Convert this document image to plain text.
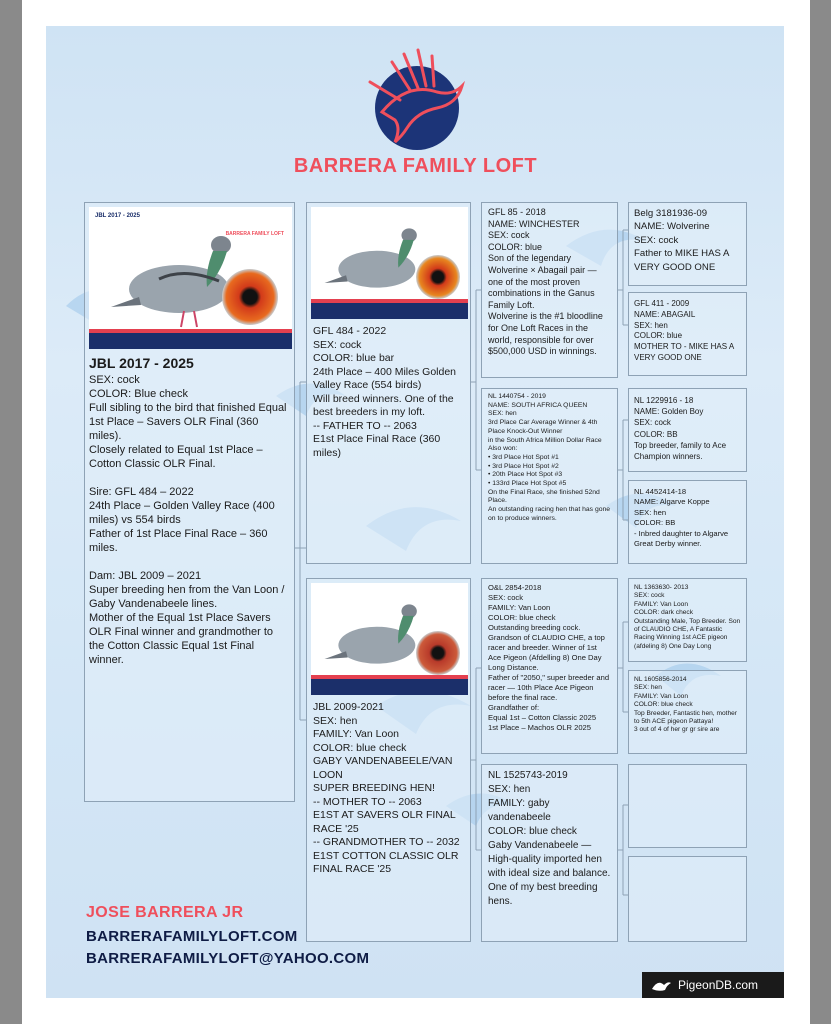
BARRERA FAMILY LOFT
JBL 2017 - 2025
BARRERA FAMILY LOFT
JBL 2017 - 2025
SEX: cock
COLOR: Blue check
Full sibling to the bird that finished Equal 1st Place – Savers OLR Final (360 miles).
Closely related to Equal 1st Place – Cotton Classic OLR Final.

Sire: GFL 484 – 2022
24th Place – Golden Valley Race (400 miles) vs 554 birds
Father of 1st Place Final Race – 360 miles.

Dam: JBL 2009 – 2021
Super breeding hen from the Van Loon / Gaby Vandenabeele lines.
Mother of the Equal 1st Place Savers OLR Final winner and grandmother to the Cotton Classic Equal 1st Final winner.
GFL 484 - 2022
SEX: cock
COLOR: blue bar
24th Place – 400 Miles Golden Valley Race (554 birds)
Will breed winners. One of the best breeders in my loft.
-- FATHER TO -- 2063
E1st Place Final Race (360 miles)
JBL 2009-2021
SEX: hen
FAMILY: Van Loon
COLOR: blue check
GABY VANDENABEELE/VAN LOON
SUPER BREEDING HEN!
-- MOTHER TO -- 2063
E1ST AT SAVERS OLR FINAL RACE '25
-- GRANDMOTHER TO -- 2032
E1ST COTTON CLASSIC OLR FINAL RACE '25
GFL 85 - 2018
NAME: WINCHESTER
SEX: cock
COLOR: blue
Son of the legendary Wolverine × Abagail pair — one of the most proven combinations in the Ganus Family Loft.
Wolverine is the #1 bloodline for One Loft Races in the world, responsible for over $500,000 USD in winnings.
NL 1440754 - 2019
NAME: SOUTH AFRICA QUEEN
SEX: hen
3rd Place Car Average Winner & 4th Place Knock-Out Winner
in the South Africa Million Dollar Race
Also won:
• 3rd Place Hot Spot #1
• 3rd Place Hot Spot #2
• 20th Place Hot Spot #3
• 133rd Place Hot Spot #5
On the Final Race, she finished 52nd Place.
An outstanding racing hen that has gone on to produce winners.
O&L 2854-2018
SEX: cock
FAMILY: Van Loon
COLOR: blue check
Outstanding breeding cock.
Grandson of CLAUDIO CHE, a top racer and breeder. Winner of 1st Ace Pigeon (Afdelling 8) One Day Long Distance.
Father of "2050," super breeder and racer — 10th Place Ace Pigeon before the final race.
Grandfather of:
Equal 1st – Cotton Classic 2025
1st Place – Machos OLR 2025
NL 1525743-2019
SEX: hen
FAMILY: gaby vandenabeele
COLOR: blue check
Gaby Vandenabeele — High-quality imported hen with ideal size and balance.
One of my best breeding hens.
Belg 3181936-09
NAME: Wolverine
SEX: cock
Father to MIKE HAS A VERY GOOD ONE
GFL 411 - 2009
NAME: ABAGAIL
SEX: hen
COLOR: blue
MOTHER TO - MIKE HAS A VERY GOOD ONE
NL 1229916 - 18
NAME: Golden Boy
SEX: cock
COLOR: BB
Top breeder, family to Ace Champion winners.
NL 4452414-18
NAME: Algarve Koppe
SEX: hen
COLOR: BB
- Inbred daughter to Algarve Great Derby winner.
NL 1363630- 2013
SEX: cock
FAMILY: Van Loon
COLOR: dark check
Outstanding Male, Top Breeder. Son of CLAUDIO CHE, A Fantastic Racing Winning 1st ACE pigeon (afdeling 8) One Day Long
NL 1605856-2014
SEX: hen
FAMILY: Van Loon
COLOR: blue check
Top Breeder, Fantastic hen, mother to 5th ACE pigeon Pattaya!
3 out of 4 of her gr gr sire are
JOSE BARRERA JR
BARRERAFAMILYLOFT.COM
BARRERAFAMILYLOFT@YAHOO.COM
PigeonDB.com
